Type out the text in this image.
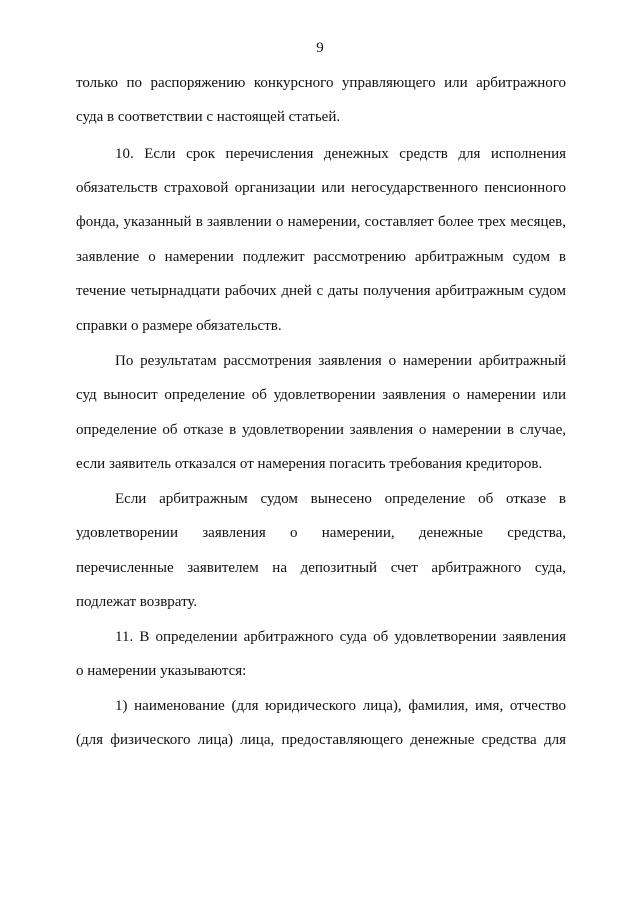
9
только по распоряжению конкурсного управляющего или арбитражного
суда в соответствии с настоящей статьей.
10. Если срок перечисления денежных средств для исполнения
обязательств страховой организации или негосударственного пенсионного
фонда, указанный в заявлении о намерении, составляет более трех месяцев,
заявление о намерении подлежит рассмотрению арбитражным судом в
течение четырнадцати рабочих дней с даты получения арбитражным судом
справки о размере обязательств.
По результатам рассмотрения заявления о намерении арбитражный
суд выносит определение об удовлетворении заявления о намерении или
определение об отказе в удовлетворении заявления о намерении в случае,
если заявитель отказался от намерения погасить требования кредиторов.
Если арбитражным судом вынесено определение об отказе в
удовлетворении заявления о намерении, денежные средства,
перечисленные заявителем на депозитный счет арбитражного суда,
подлежат возврату.
11. В определении арбитражного суда об удовлетворении заявления
о намерении указываются:
1) наименование (для юридического лица), фамилия, имя, отчество
(для физического лица) лица, предоставляющего денежные средства для
